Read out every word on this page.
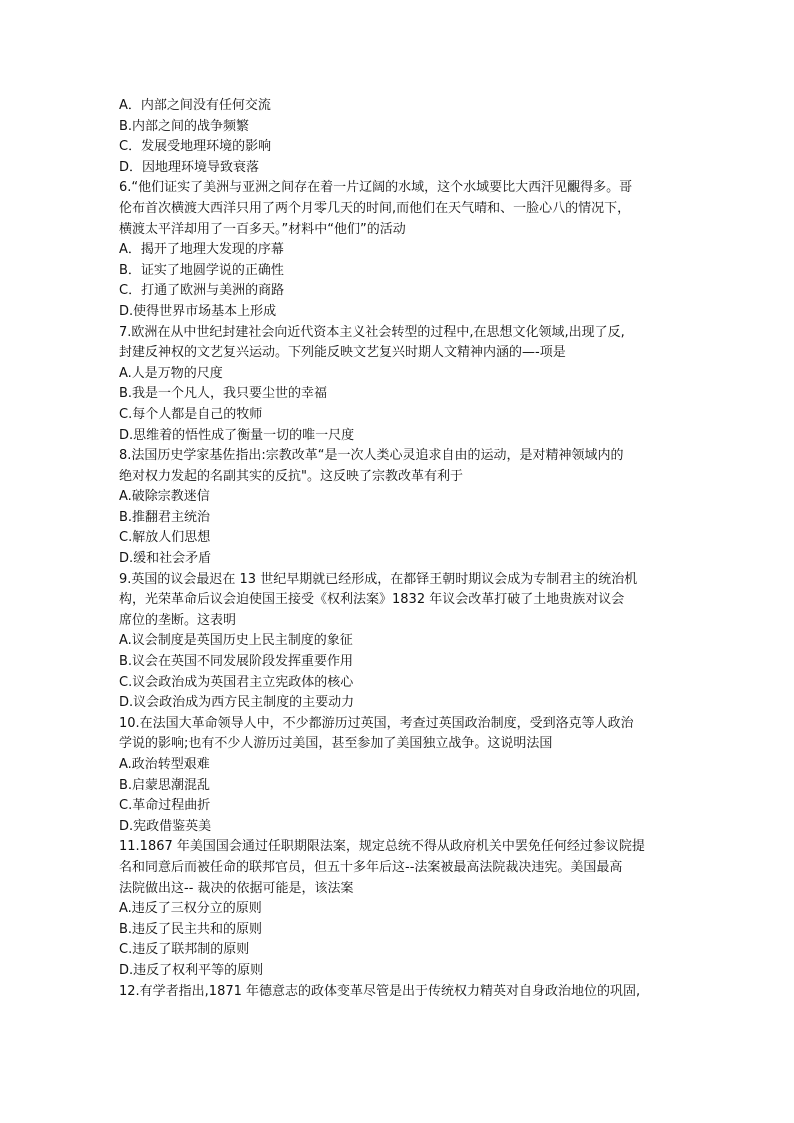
A．内部之间没有任何交流
B.内部之间的战争频繁
C．发展受地理环境的影响
D．因地理环境导致衰落
6.“他们证实了美洲与亚洲之间存在着一片辽阔的水域，这个水域要比大西汗见覼得多。哥
伦布首次横渡大西洋只用了两个月零几天的时间,而他们在天气晴和、一脸心八的情况下，
横渡太平洋却用了一百多天。”材料中“他们”的活动
A．揭开了地理大发现的序幕
B．证实了地圆学说的正确性
C．打通了欧洲与美洲的商路
D.使得世界市场基本上形成
7.欧洲在从中世纪封建社会向近代资本主义社会转型的过程中,在思想文化领域,出现了反,
封建反神权的文艺复兴运动。下列能反映文艺复兴时期人文精神内涵的—-项是
A.人是万物的尺度
B.我是一个凡人，我只要尘世的幸福
C.每个人都是自己的牧师
D.思维着的悟性成了衡量一切的唯一尺度
8.法国历史学家基佐指出:宗教改革“是一次人类心灵追求自由的运动，是对精神领域内的
绝对权力发起的名副其实的反抗"。这反映了宗教改革有利于
A.破除宗教迷信
B.推翻君主统治
C.解放人们思想
D.缓和社会矛盾
9.英国的议会最迟在 13 世纪早期就已经形成，在都铎王朝时期议会成为专制君主的统治机
构，光荣革命后议会迫使国王接受《权利法案》1832 年议会改革打破了土地贵族对议会
席位的垄断。这表明
A.议会制度是英国历史上民主制度的象征
B.议会在英国不同发展阶段发挥重要作用
C.议会政治成为英国君主立宪政体的核心
D.议会政治成为西方民主制度的主要动力
10.在法国大革命领导人中，不少都游历过英国，考查过英国政治制度，受到洛克等人政治
学说的影响;也有不少人游历过美国，甚至参加了美国独立战争。这说明法国
A.政治转型艰难
B.启蒙思潮混乱
C.革命过程曲折
D.宪政借鉴英美
11.1867 年美国国会通过任职期限法案，规定总统不得从政府机关中罢免任何经过参议院提
名和同意后而被任命的联邦官员，但五十多年后这--法案被最高法院裁决违宪。美国最高
法院做出这-- 裁决的依据可能是，该法案
A.违反了三权分立的原则
B.违反了民主共和的原则
C.违反了联邦制的原则
D.违反了权利平等的原则
12.有学者指出,1871 年德意志的政体变革尽管是出于传统权力精英对自身政治地位的巩固,
